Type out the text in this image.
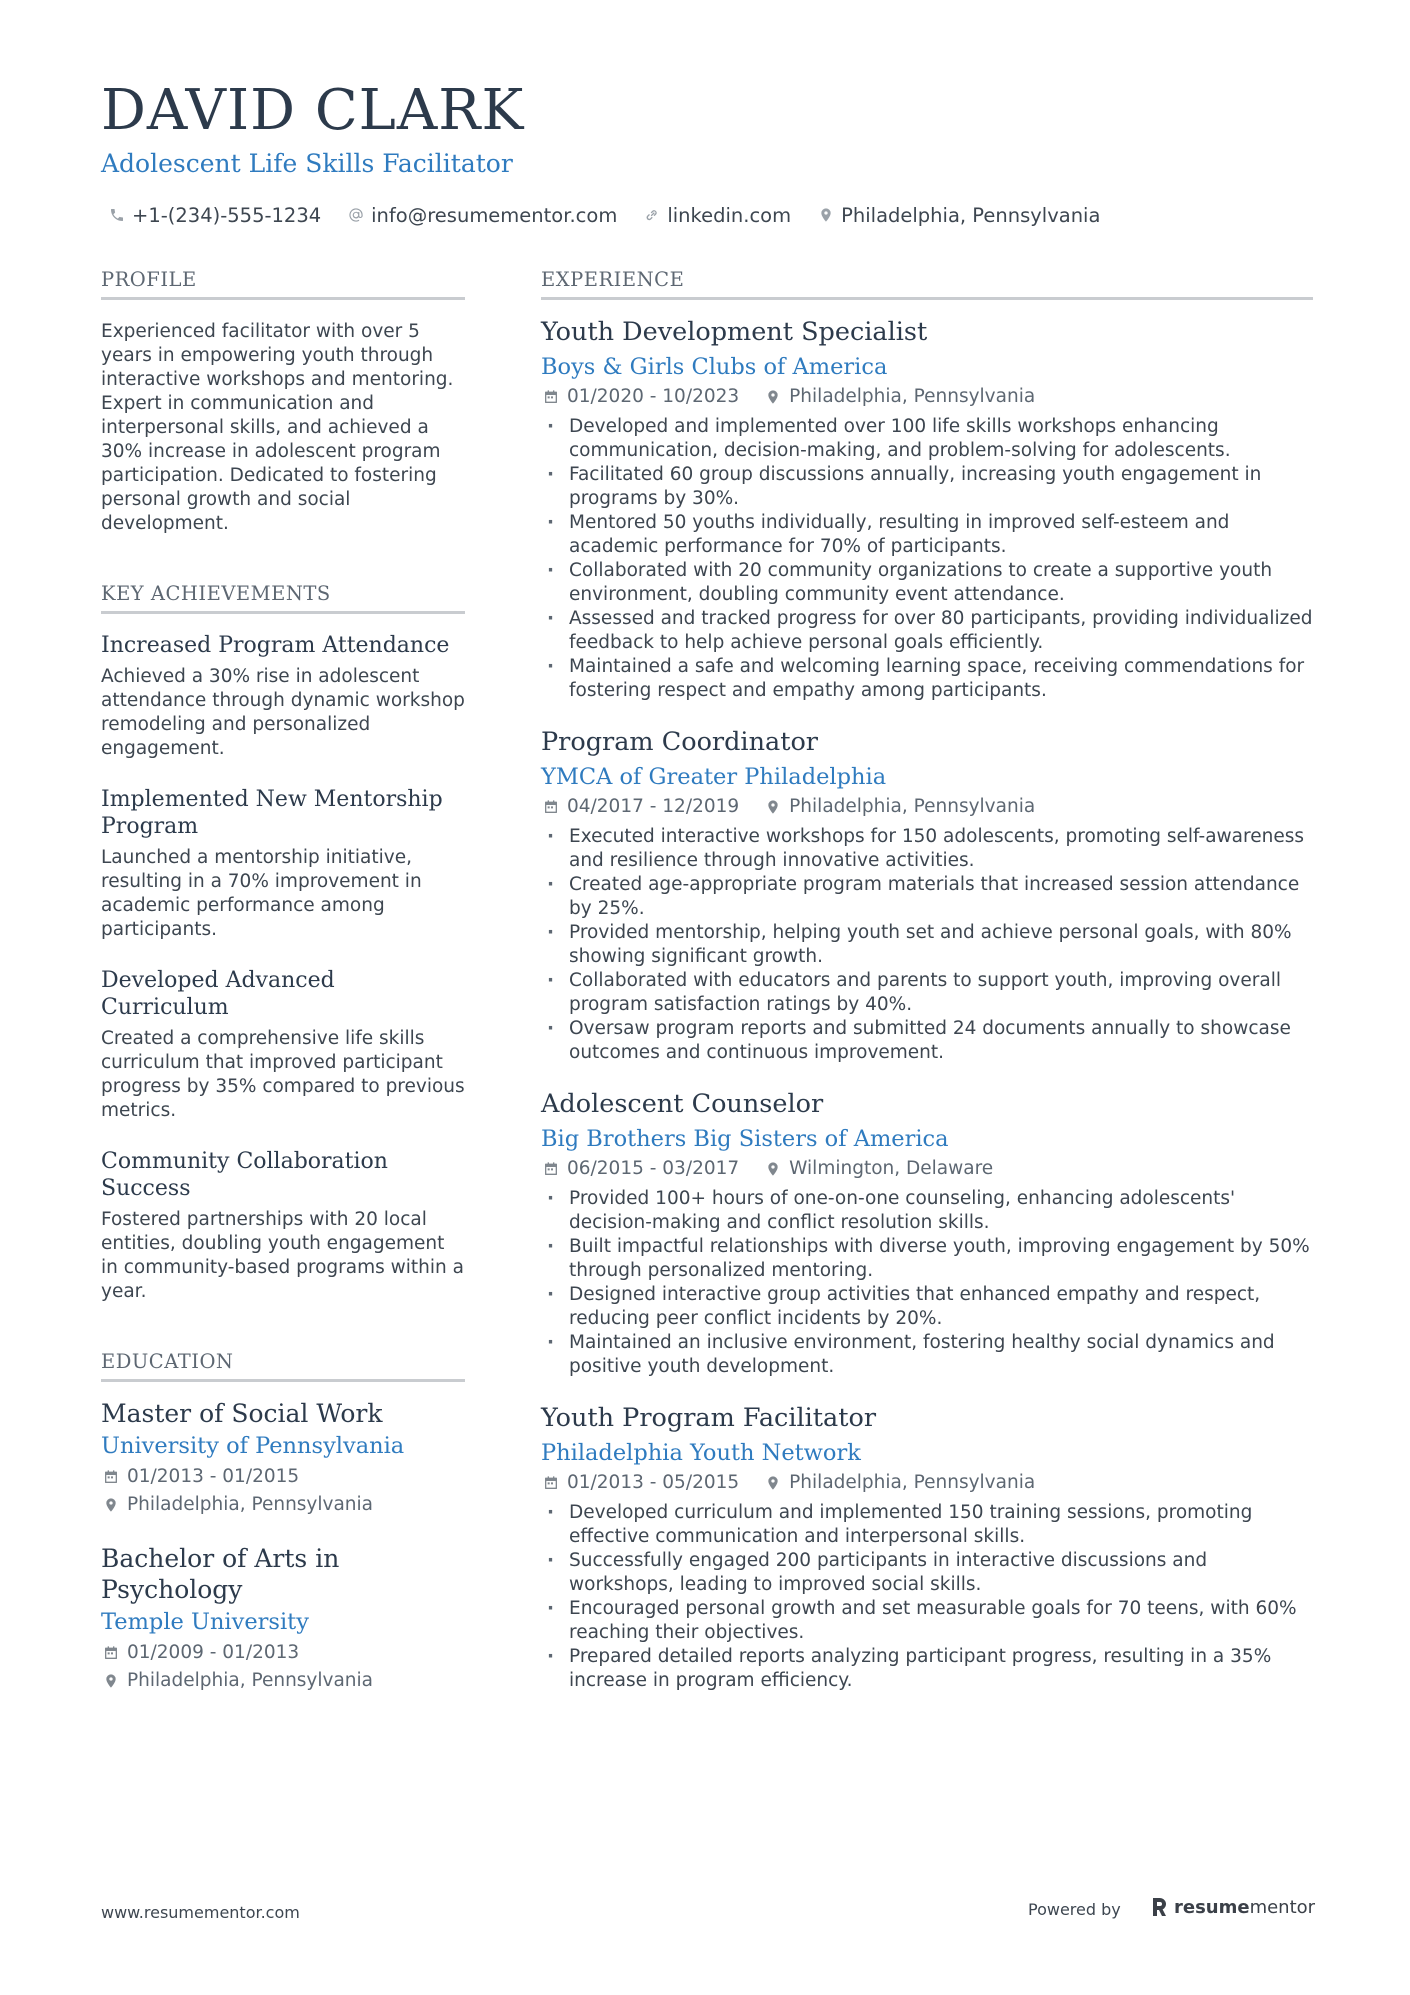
DAVID CLARK
Adolescent Life Skills Facilitator
+1-(234)-555-1234	info@resumementor.com	linkedin.com	Philadelphia, Pennsylvania
PROFILE
Experienced facilitator with over 5 years in empowering youth through interactive workshops and mentoring. Expert in communication and interpersonal skills, and achieved a 30% increase in adolescent program participation. Dedicated to fostering personal growth and social development.
KEY ACHIEVEMENTS
Increased Program Attendance
Achieved a 30% rise in adolescent attendance through dynamic workshop remodeling and personalized engagement.
Implemented New Mentorship Program
Launched a mentorship initiative, resulting in a 70% improvement in academic performance among participants.
Developed Advanced Curriculum
Created a comprehensive life skills curriculum that improved participant progress by 35% compared to previous metrics.
Community Collaboration Success
Fostered partnerships with 20 local entities, doubling youth engagement in community-based programs within a year.
EDUCATION
Master of Social Work
University of Pennsylvania
01/2013 - 01/2015
Philadelphia, Pennsylvania
Bachelor of Arts in Psychology
Temple University
01/2009 - 01/2013
Philadelphia, Pennsylvania
EXPERIENCE
Youth Development Specialist
Boys & Girls Clubs of America
01/2020 - 10/2023	Philadelphia, Pennsylvania
· Developed and implemented over 100 life skills workshops enhancing communication, decision-making, and problem-solving for adolescents.
· Facilitated 60 group discussions annually, increasing youth engagement in programs by 30%.
· Mentored 50 youths individually, resulting in improved self-esteem and academic performance for 70% of participants.
· Collaborated with 20 community organizations to create a supportive youth environment, doubling community event attendance.
· Assessed and tracked progress for over 80 participants, providing individualized feedback to help achieve personal goals efficiently.
· Maintained a safe and welcoming learning space, receiving commendations for fostering respect and empathy among participants.
Program Coordinator
YMCA of Greater Philadelphia
04/2017 - 12/2019	Philadelphia, Pennsylvania
· Executed interactive workshops for 150 adolescents, promoting self-awareness and resilience through innovative activities.
· Created age-appropriate program materials that increased session attendance by 25%.
· Provided mentorship, helping youth set and achieve personal goals, with 80% showing significant growth.
· Collaborated with educators and parents to support youth, improving overall program satisfaction ratings by 40%.
· Oversaw program reports and submitted 24 documents annually to showcase outcomes and continuous improvement.
Adolescent Counselor
Big Brothers Big Sisters of America
06/2015 - 03/2017	Wilmington, Delaware
· Provided 100+ hours of one-on-one counseling, enhancing adolescents' decision-making and conflict resolution skills.
· Built impactful relationships with diverse youth, improving engagement by 50% through personalized mentoring.
· Designed interactive group activities that enhanced empathy and respect, reducing peer conflict incidents by 20%.
· Maintained an inclusive environment, fostering healthy social dynamics and positive youth development.
Youth Program Facilitator
Philadelphia Youth Network
01/2013 - 05/2015	Philadelphia, Pennsylvania
· Developed curriculum and implemented 150 training sessions, promoting effective communication and interpersonal skills.
· Successfully engaged 200 participants in interactive discussions and workshops, leading to improved social skills.
· Encouraged personal growth and set measurable goals for 70 teens, with 60% reaching their objectives.
· Prepared detailed reports analyzing participant progress, resulting in a 35% increase in program efficiency.
www.resumementor.com	Powered by	resume mentor
